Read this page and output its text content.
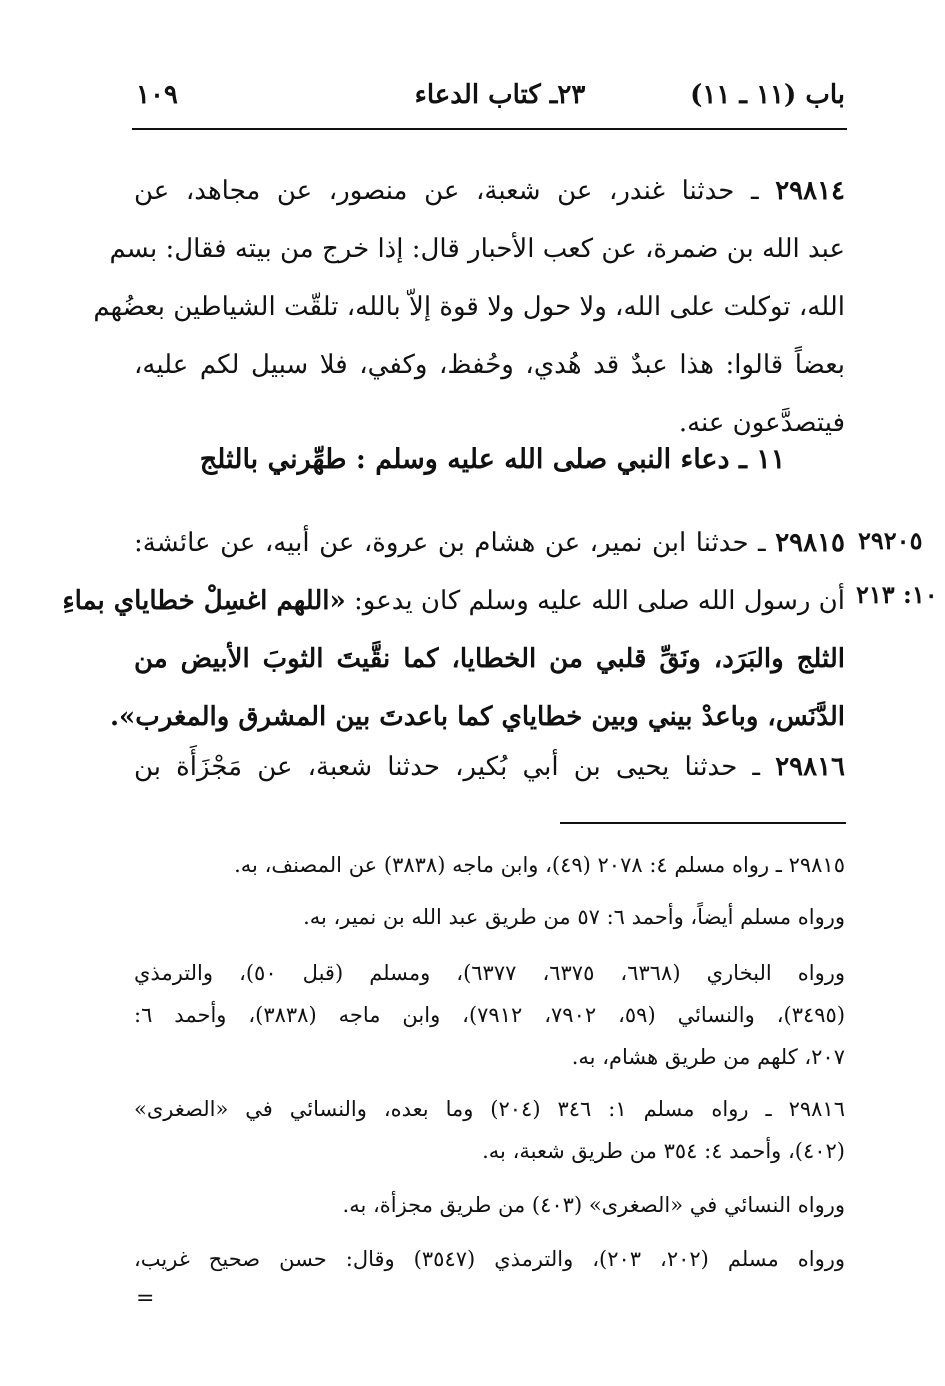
باب (١١ ـ ١١)
٢٣ـ كتاب الدعاء
١٠٩
٢٩٨١٤ ـ حدثنا غندر، عن شعبة، عن منصور، عن مجاهد، عن
عبد الله بن ضمرة، عن كعب الأحبار قال: إذا خرج من بيته فقال: بسم
الله، توكلت على الله، ولا حول ولا قوة إلاّ بالله، تلقّت الشياطين بعضُهم
بعضاً قالوا: هذا عبدٌ قد هُدي، وحُفظ، وكفي، فلا سبيل لكم عليه،
فيتصدَّعون عنه.
١١ ـ دعاء النبي صلى الله عليه وسلم : طهِّرني بالثلج
٢٩٢٠٥
١٠: ٢١٣
٢٩٨١٥ ـ حدثنا ابن نمير، عن هشام بن عروة، عن أبيه، عن عائشة:
أن رسول الله صلى الله عليه وسلم كان يدعو: «اللهم اغسِلْ خطاياي بماءِ
الثلج والبَرَد، ونَقِّ قلبي من الخطايا، كما نقَّيتَ الثوبَ الأبيض من
الدَّنَس، وباعدْ بيني وبين خطاياي كما باعدتَ بين المشرق والمغرب».
٢٩٨١٦ ـ حدثنا يحيى بن أبي بُكير، حدثنا شعبة، عن مَجْزَأَة بن
٢٩٨١٥ ـ رواه مسلم ٤: ٢٠٧٨ (٤٩)، وابن ماجه (٣٨٣٨) عن المصنف، به.
ورواه مسلم أيضاً، وأحمد ٦: ٥٧ من طريق عبد الله بن نمير، به.
ورواه البخاري (٦٣٦٨، ٦٣٧٥، ٦٣٧٧)، ومسلم (قبل ٥٠)، والترمذي
(٣٤٩٥)، والنسائي (٥٩، ٧٩٠٢، ٧٩١٢)، وابن ماجه (٣٨٣٨)، وأحمد ٦:
٢٠٧، كلهم من طريق هشام، به.
٢٩٨١٦ ـ رواه مسلم ١: ٣٤٦ (٢٠٤) وما بعده، والنسائي في «الصغرى»
(٤٠٢)، وأحمد ٤: ٣٥٤ من طريق شعبة، به.
ورواه النسائي في «الصغرى» (٤٠٣) من طريق مجزأة، به.
ورواه مسلم (٢٠٢، ٢٠٣)، والترمذي (٣٥٤٧) وقال: حسن صحيح غريب،
=
